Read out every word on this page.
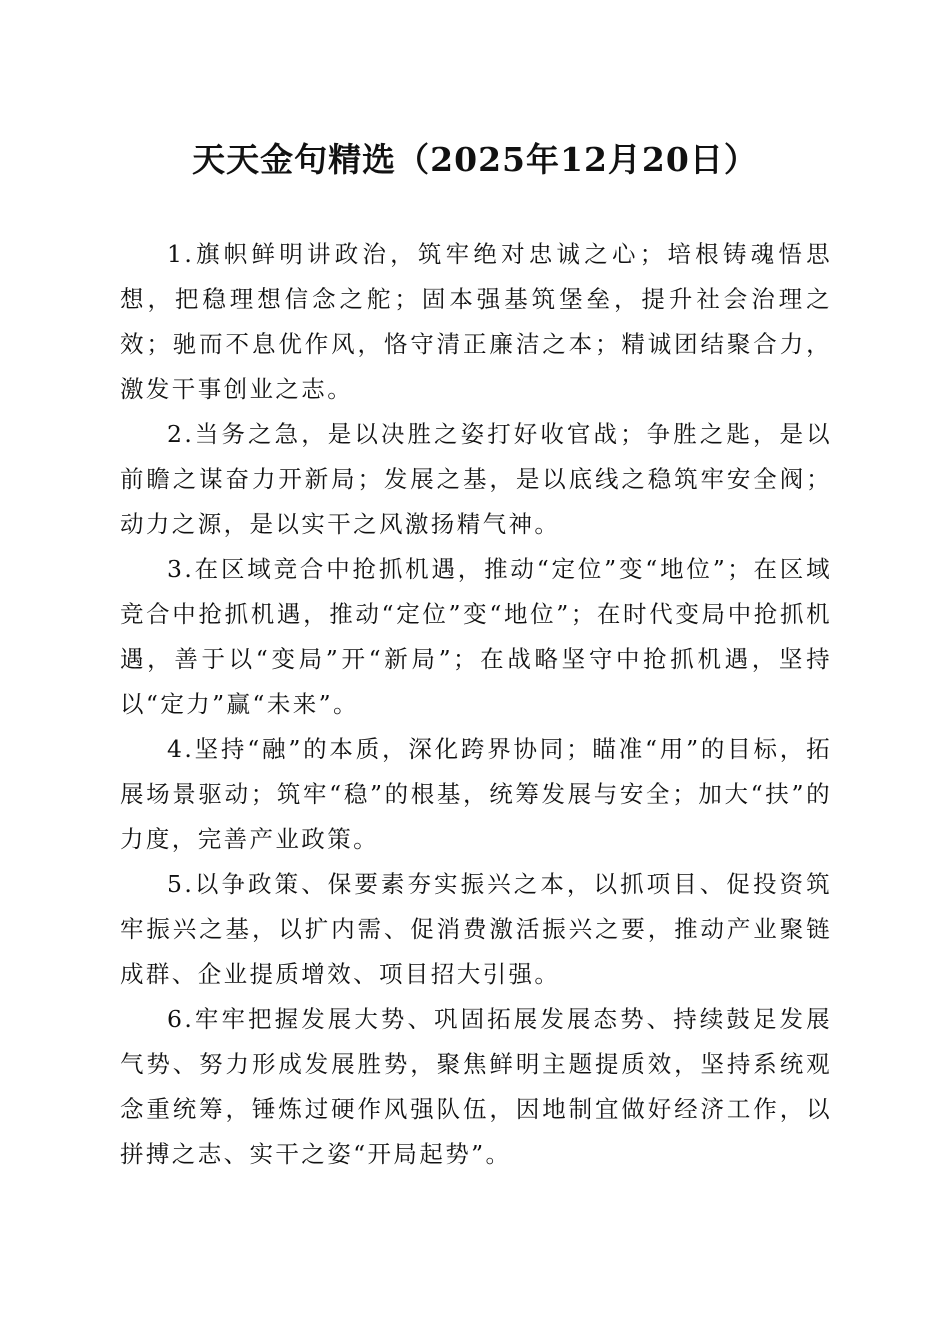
天天金句精选（2025年12月20日）

1.旗帜鲜明讲政治，筑牢绝对忠诚之心；培根铸魂悟思想，把稳理想信念之舵；固本强基筑堡垒，提升社会治理之效；驰而不息优作风，恪守清正廉洁之本；精诚团结聚合力，激发干事创业之志。

2.当务之急，是以决胜之姿打好收官战；争胜之匙，是以前瞻之谋奋力开新局；发展之基，是以底线之稳筑牢安全阀；动力之源，是以实干之风激扬精气神。

3.在区域竞合中抢抓机遇，推动“定位”变“地位”；在区域竞合中抢抓机遇，推动“定位”变“地位”；在时代变局中抢抓机遇，善于以“变局”开“新局”；在战略坚守中抢抓机遇，坚持以“定力”赢“未来”。

4.坚持“融”的本质，深化跨界协同；瞄准“用”的目标，拓展场景驱动；筑牢“稳”的根基，统筹发展与安全；加大“扶”的力度，完善产业政策。

5.以争政策、保要素夯实振兴之本，以抓项目、促投资筑牢振兴之基，以扩内需、促消费激活振兴之要，推动产业聚链成群、企业提质增效、项目招大引强。

6.牢牢把握发展大势、巩固拓展发展态势、持续鼓足发展气势、努力形成发展胜势，聚焦鲜明主题提质效，坚持系统观念重统筹，锤炼过硬作风强队伍，因地制宜做好经济工作，以拼搏之志、实干之姿“开局起势”。
